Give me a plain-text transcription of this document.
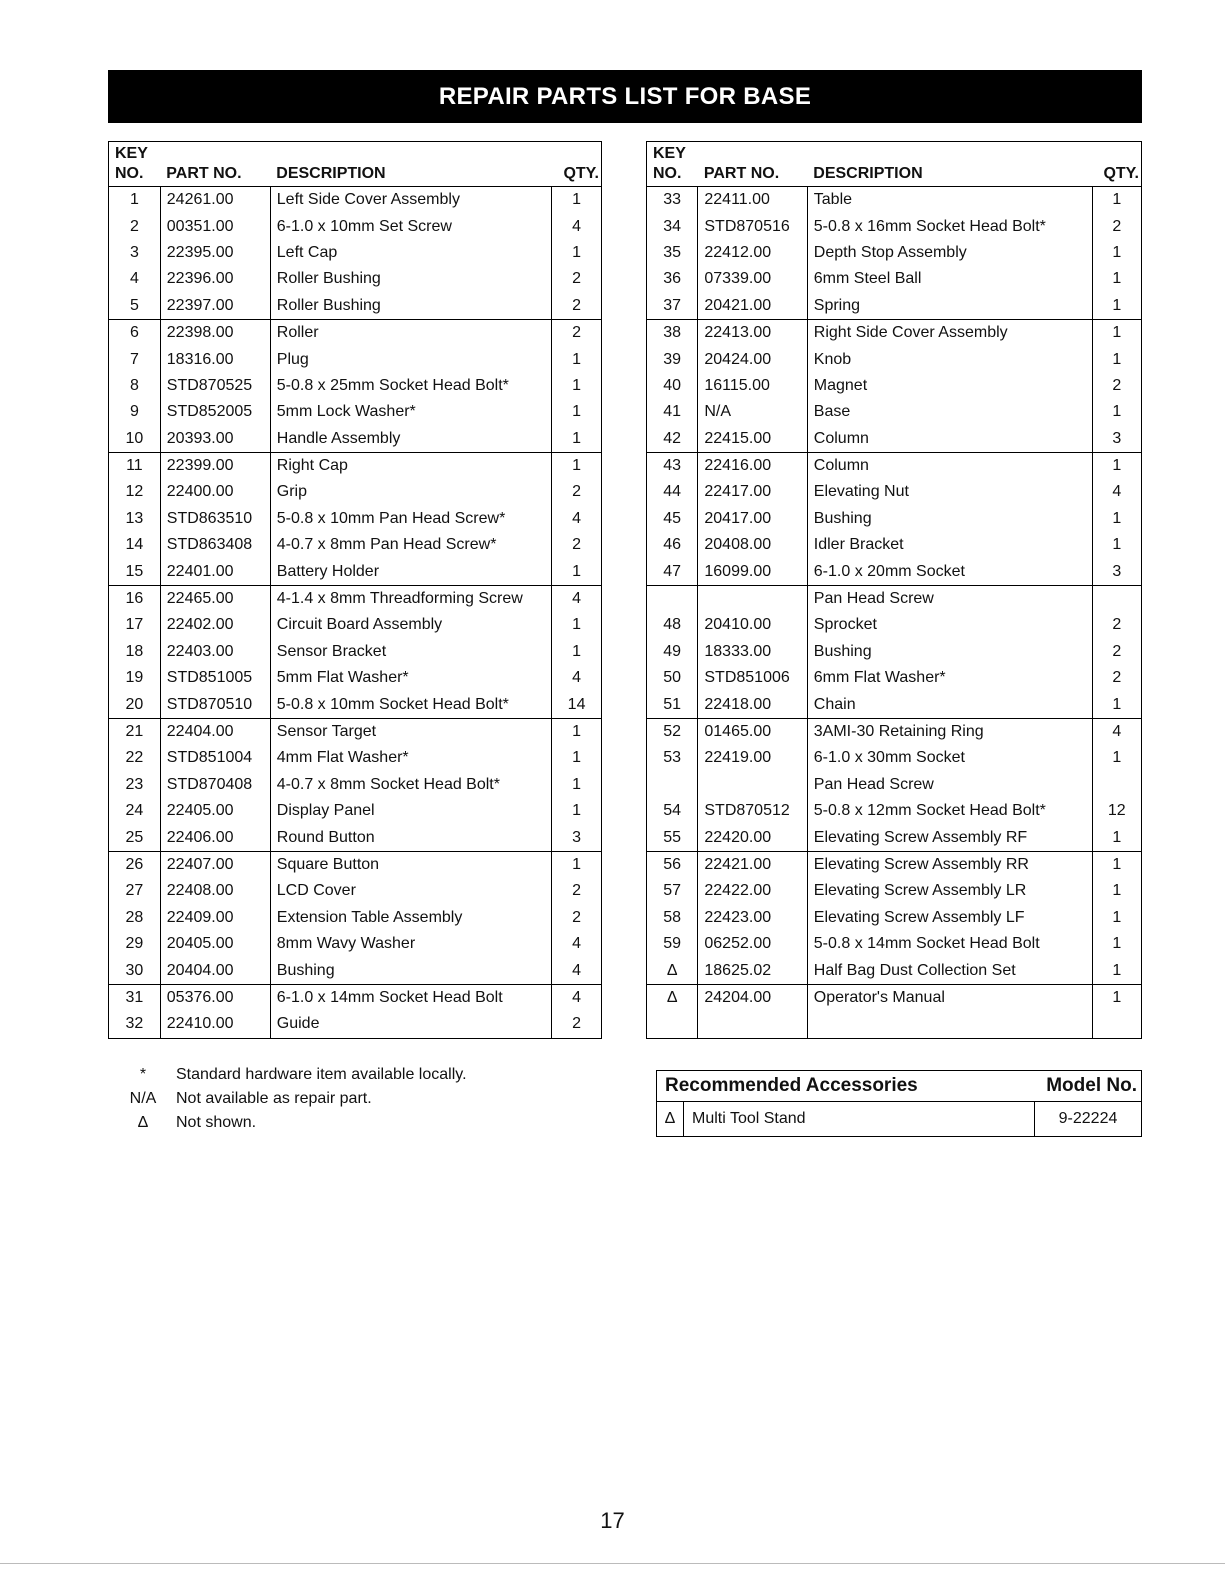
REPAIR PARTS LIST FOR BASE
KEY
NO.	PART NO.	DESCRIPTION	QTY.
1	24261.00	Left Side Cover Assembly	1
2	00351.00	6-1.0 x 10mm Set Screw	4
3	22395.00	Left Cap	1
4	22396.00	Roller Bushing	2
5	22397.00	Roller Bushing	2
6	22398.00	Roller	2
7	18316.00	Plug	1
8	STD870525	5-0.8 x 25mm Socket Head Bolt*	1
9	STD852005	5mm Lock Washer*	1
10	20393.00	Handle Assembly	1
11	22399.00	Right Cap	1
12	22400.00	Grip	2
13	STD863510	5-0.8 x 10mm Pan Head Screw*	4
14	STD863408	4-0.7 x 8mm Pan Head Screw*	2
15	22401.00	Battery Holder	1
16	22465.00	4-1.4 x 8mm Threadforming Screw	4
17	22402.00	Circuit Board Assembly	1
18	22403.00	Sensor Bracket	1
19	STD851005	5mm Flat Washer*	4
20	STD870510	5-0.8 x 10mm Socket Head Bolt*	14
21	22404.00	Sensor Target	1
22	STD851004	4mm Flat Washer*	1
23	STD870408	4-0.7 x 8mm Socket Head Bolt*	1
24	22405.00	Display Panel	1
25	22406.00	Round Button	3
26	22407.00	Square Button	1
27	22408.00	LCD Cover	2
28	22409.00	Extension Table Assembly	2
29	20405.00	8mm Wavy Washer	4
30	20404.00	Bushing	4
31	05376.00	6-1.0 x 14mm Socket Head Bolt	4
32	22410.00	Guide	2
KEY
NO.	PART NO.	DESCRIPTION	QTY.
33	22411.00	Table	1
34	STD870516	5-0.8 x 16mm Socket Head Bolt*	2
35	22412.00	Depth Stop Assembly	1
36	07339.00	6mm Steel Ball	1
37	20421.00	Spring	1
38	22413.00	Right Side Cover Assembly	1
39	20424.00	Knob	1
40	16115.00	Magnet	2
41	N/A	Base	1
42	22415.00	Column	3
43	22416.00	Column	1
44	22417.00	Elevating Nut	4
45	20417.00	Bushing	1
46	20408.00	Idler Bracket	1
47	16099.00	6-1.0 x 20mm Socket	3
		Pan Head Screw	
48	20410.00	Sprocket	2
49	18333.00	Bushing	2
50	STD851006	6mm Flat Washer*	2
51	22418.00	Chain	1
52	01465.00	3AMI-30 Retaining Ring	4
53	22419.00	6-1.0 x 30mm Socket	1
		Pan Head Screw	
54	STD870512	5-0.8 x 12mm Socket Head Bolt*	12
55	22420.00	Elevating Screw Assembly RF	1
56	22421.00	Elevating Screw Assembly RR	1
57	22422.00	Elevating Screw Assembly LR	1
58	22423.00	Elevating Screw Assembly LF	1
59	06252.00	5-0.8 x 14mm Socket Head Bolt	1
Δ	18625.02	Half Bag Dust Collection Set	1
Δ	24204.00	Operator's Manual	1

*	Standard hardware item available locally.
N/A	Not available as repair part.
Δ	Not shown.
Recommended Accessories		Model No.
Δ	Multi Tool Stand	9-22224
17
